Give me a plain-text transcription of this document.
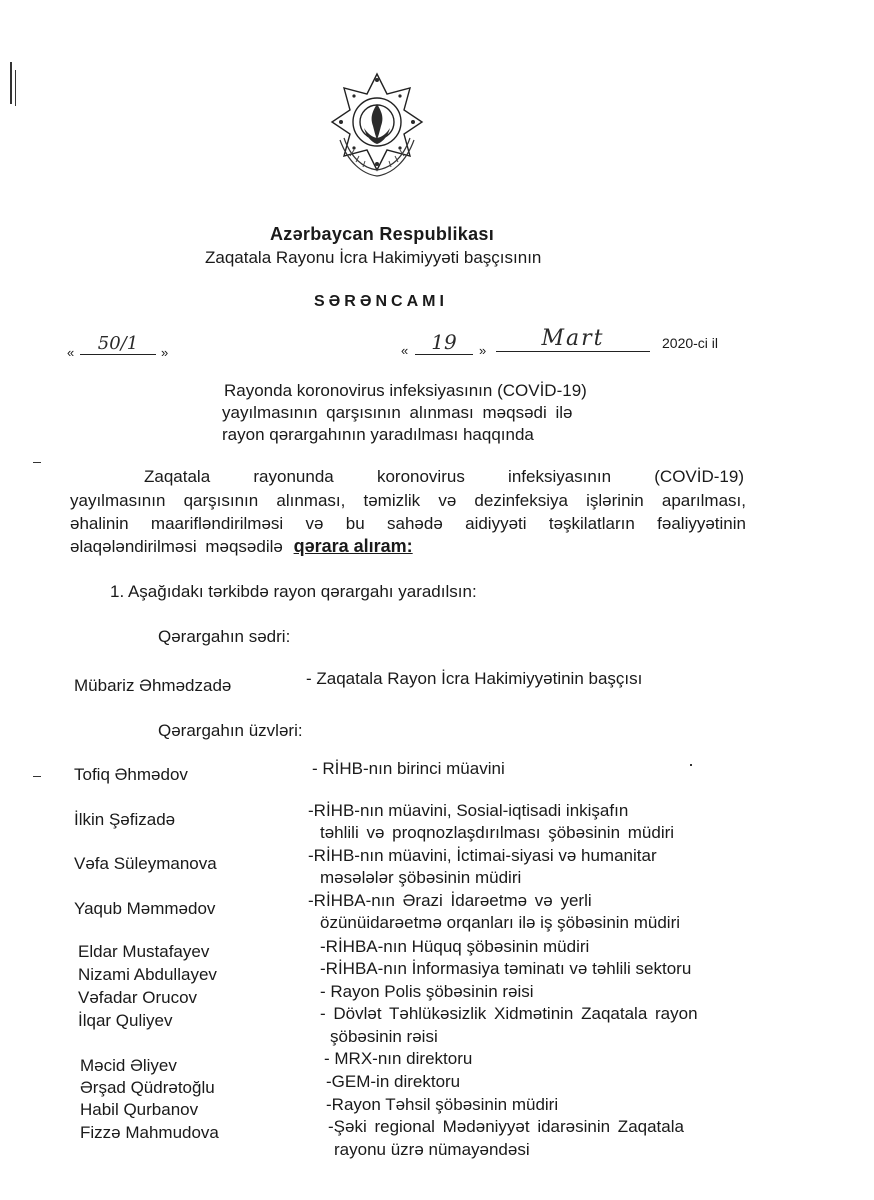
Azərbaycan Respublikası
Zaqatala Rayonu İcra Hakimiyyəti başçısının
SƏRƏNCAMI
«	50/1	»	«	19	»	Mart	2020-ci il
Rayonda koronovirus infeksiyasının (COVİD-19)
yayılmasının qarşısının alınması məqsədi ilə
rayon qərargahının yaradılması haqqında
Zaqatala rayonunda koronovirus infeksiyasının (COVİD-19)
yayılmasının qarşısının alınması, təmizlik və dezinfeksiya işlərinin aparılması,
əhalinin maarifləndirilməsi və bu sahədə aidiyyəti təşkilatların fəaliyyətinin
əlaqələndirilməsi məqsədilə qərara alıram:
1. Aşağıdakı tərkibdə rayon qərargahı yaradılsın:
Qərargahın sədri:
Mübariz Əhmədzadə	- Zaqatala Rayon İcra Hakimiyyətinin başçısı
Qərargahın üzvləri:
Tofiq Əhmədov	- RİHB-nın birinci müavini
İlkin Şəfizadə	-RİHB-nın müavini, Sosial-iqtisadi inkişafın
təhlili və proqnozlaşdırılması şöbəsinin müdiri
Vəfa Süleymanova	-RİHB-nın müavini, İctimai-siyasi və humanitar
məsələlər şöbəsinin müdiri
Yaqub Məmmədov	-RİHBA-nın Ərazi İdarəetmə və yerli
özünüidarəetmə orqanları ilə iş şöbəsinin müdiri
Eldar Mustafayev	-RİHBA-nın Hüquq şöbəsinin müdiri
Nizami Abdullayev	-RİHBA-nın İnformasiya təminatı və təhlili sektoru
Vəfadar Orucov	- Rayon Polis şöbəsinin rəisi
İlqar Quliyev	- Dövlət Təhlükəsizlik Xidmətinin Zaqatala rayon
şöbəsinin rəisi
Məcid Əliyev	- MRX-nın direktoru
Ərşad Qüdrətoğlu	-GEM-in direktoru
Habil Qurbanov	-Rayon Təhsil şöbəsinin müdiri
Fizzə Mahmudova	-Şəki regional Mədəniyyət idarəsinin Zaqatala
rayonu üzrə nümayəndəsi
